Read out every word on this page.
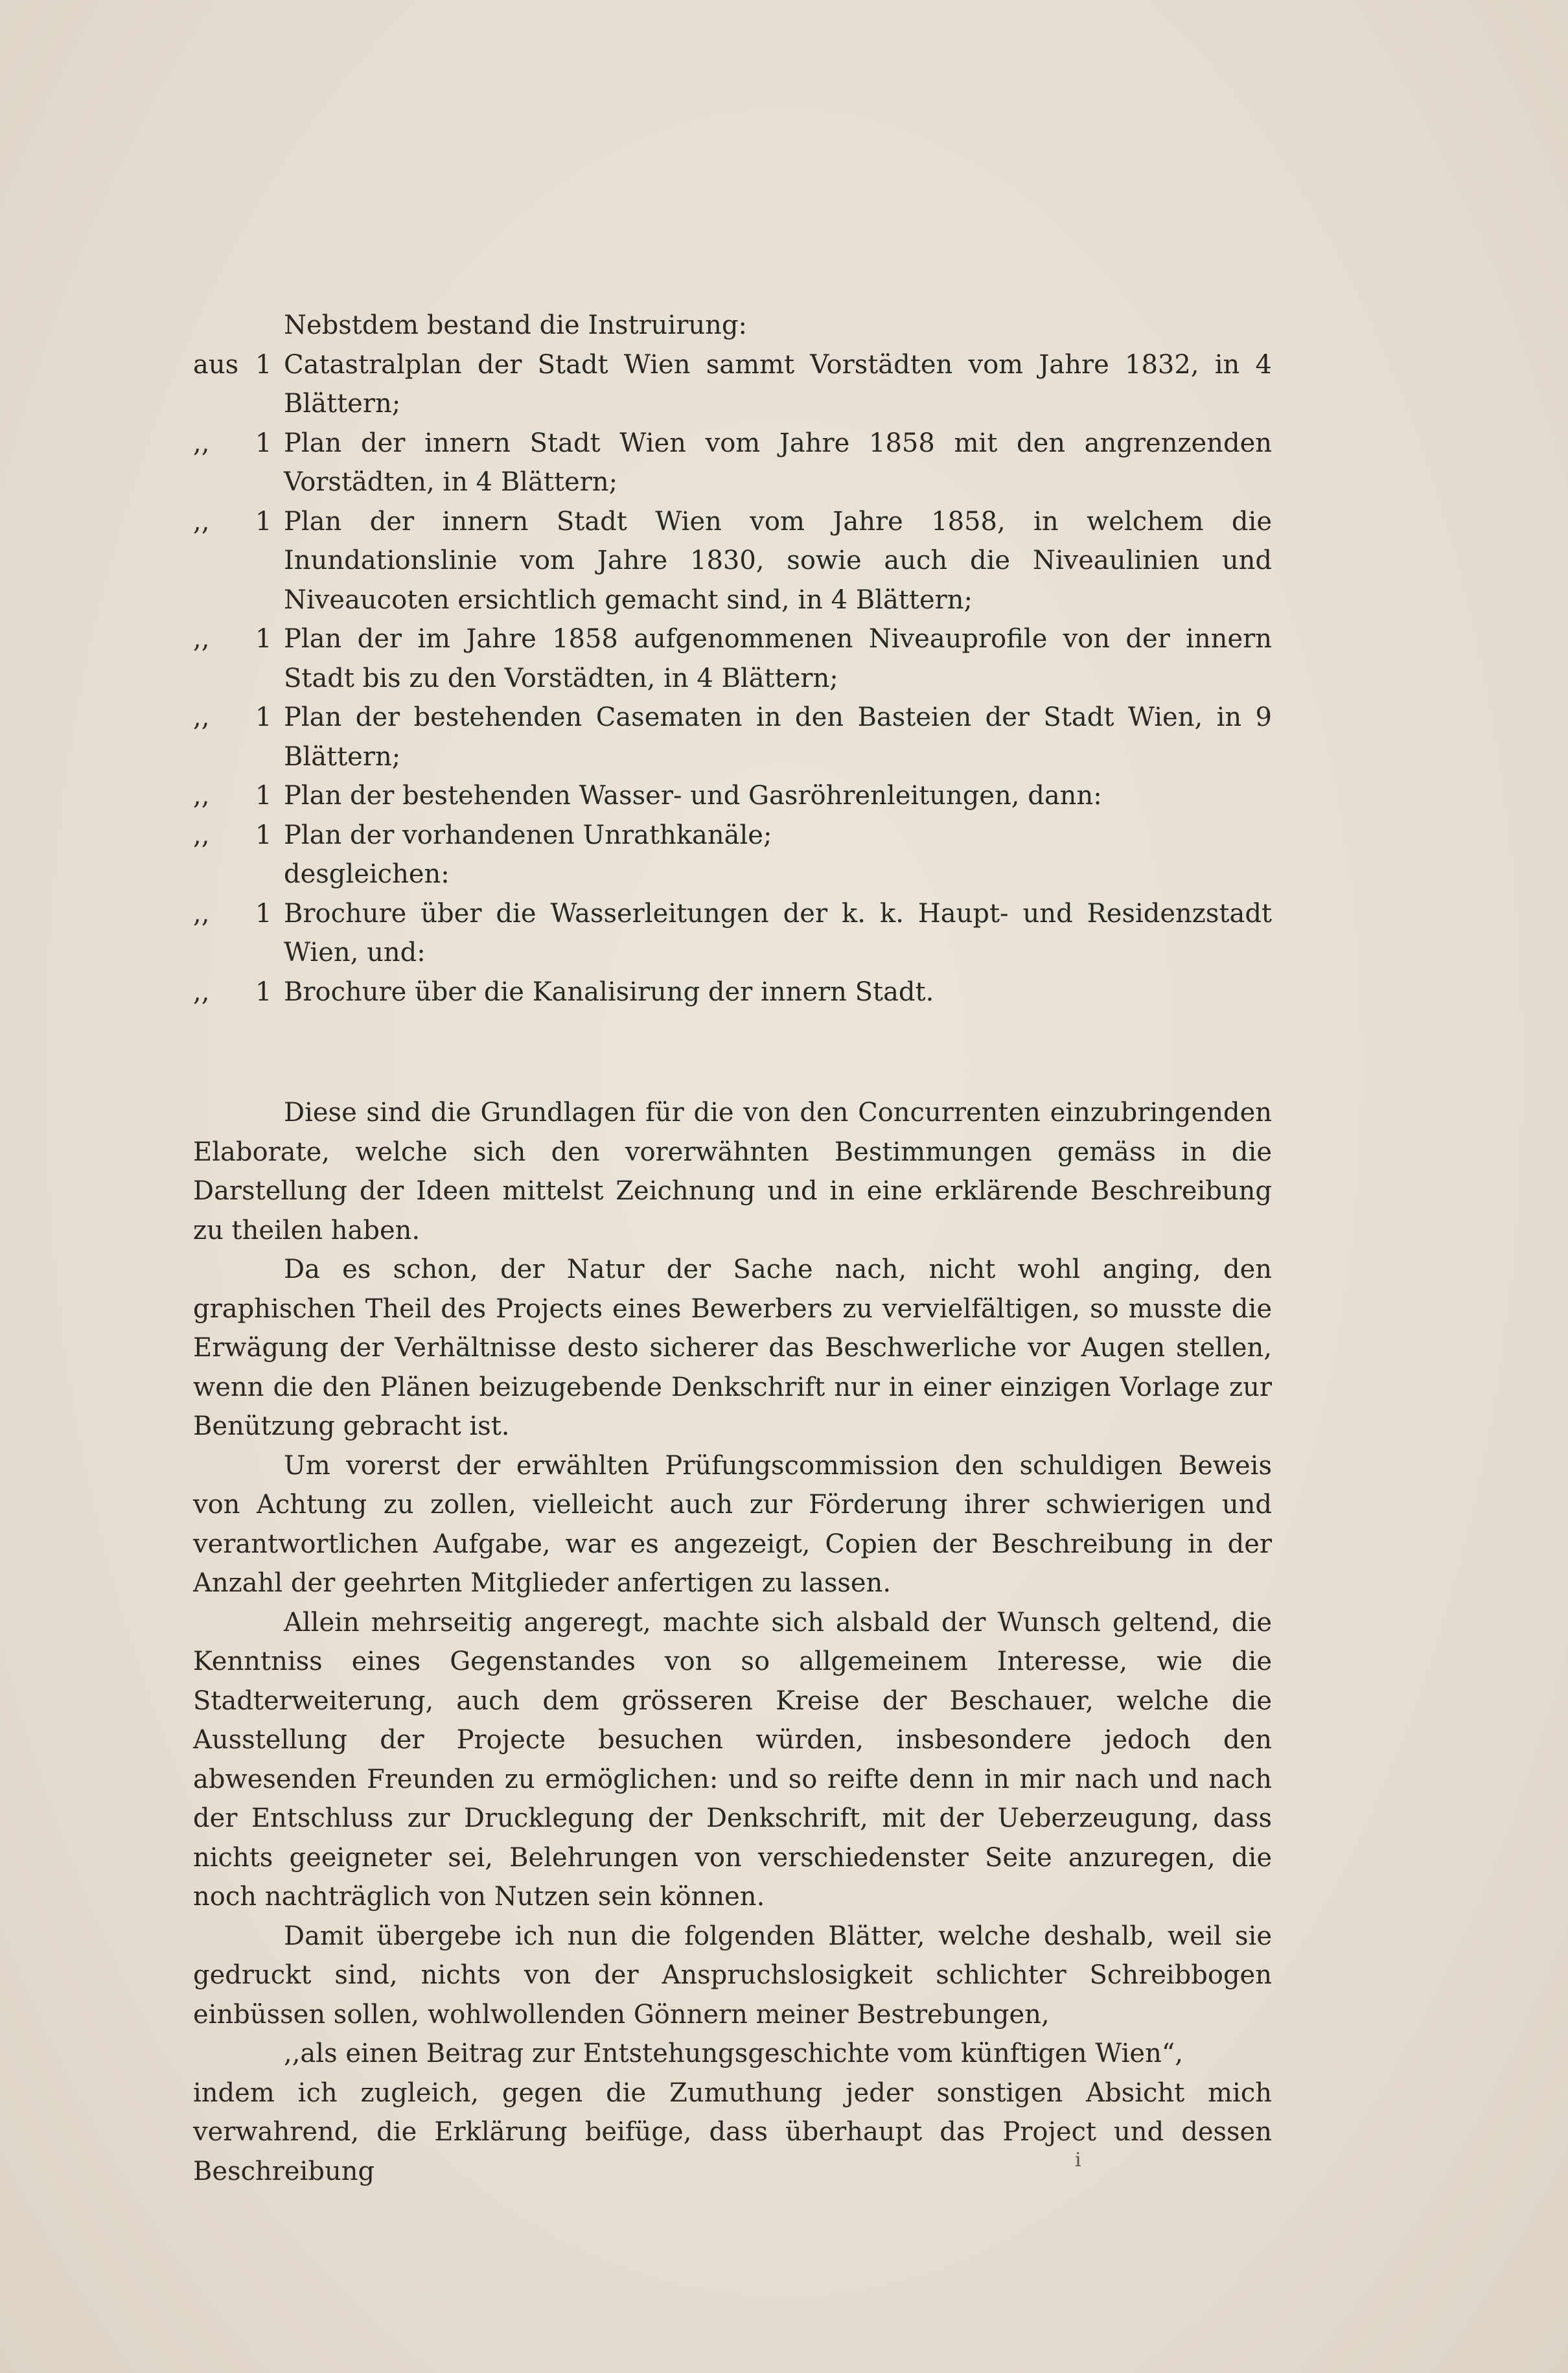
Nebstdem bestand die Instruirung:
aus 1 Catastralplan der Stadt Wien sammt Vorstädten vom Jahre 1832, in 4 Blättern;
,,	1 Plan der innern Stadt Wien vom Jahre 1858 mit den angrenzenden Vorstädten, in 4 Blättern;
,,	1 Plan der innern Stadt Wien vom Jahre 1858, in welchem die Inundationslinie vom Jahre 1830, sowie auch die Niveaulinien und Niveaucoten ersichtlich gemacht sind, in 4 Blättern;
,,	1 Plan der im Jahre 1858 aufgenommenen Niveauprofile von der innern Stadt bis zu den Vorstädten, in 4 Blättern;
,,	1 Plan der bestehenden Casematen in den Basteien der Stadt Wien, in 9 Blättern;
,,	1 Plan der bestehenden Wasser- und Gasröhrenleitungen, dann:
,,	1 Plan der vorhandenen Unrathkanäle;
desgleichen:
,,	1 Brochure über die Wasserleitungen der k. k. Haupt- und Residenzstadt Wien, und:
,,	1 Brochure über die Kanalisirung der innern Stadt.

Diese sind die Grundlagen für die von den Concurrenten einzubringenden Elaborate, welche sich den vorerwähnten Bestimmungen gemäss in die Darstellung der Ideen mittelst Zeichnung und in eine erklärende Beschreibung zu theilen haben.

Da es schon, der Natur der Sache nach, nicht wohl anging, den graphischen Theil des Projects eines Bewerbers zu vervielfältigen, so musste die Erwägung der Verhältnisse desto sicherer das Beschwerliche vor Augen stellen, wenn die den Plänen beizugebende Denkschrift nur in einer einzigen Vorlage zur Benützung gebracht ist.

Um vorerst der erwählten Prüfungscommission den schuldigen Beweis von Achtung zu zollen, vielleicht auch zur Förderung ihrer schwierigen und verantwortlichen Aufgabe, war es angezeigt, Copien der Beschreibung in der Anzahl der geehrten Mitglieder anfertigen zu lassen.

Allein mehrseitig angeregt, machte sich alsbald der Wunsch geltend, die Kenntniss eines Gegenstandes von so allgemeinem Interesse, wie die Stadterweiterung, auch dem grösseren Kreise der Beschauer, welche die Ausstellung der Projecte besuchen würden, insbesondere jedoch den abwesenden Freunden zu ermöglichen: und so reifte denn in mir nach und nach der Entschluss zur Drucklegung der Denkschrift, mit der Ueberzeugung, dass nichts geeigneter sei, Belehrungen von verschiedenster Seite anzuregen, die noch nachträglich von Nutzen sein können.

Damit übergebe ich nun die folgenden Blätter, welche deshalb, weil sie gedruckt sind, nichts von der Anspruchslosigkeit schlichter Schreibbogen einbüssen sollen, wohlwollenden Gönnern meiner Bestrebungen,

,,als einen Beitrag zur Entstehungsgeschichte vom künftigen Wien“,

indem ich zugleich, gegen die Zumuthung jeder sonstigen Absicht mich verwahrend, die Erklärung beifüge, dass überhaupt das Project und dessen Beschreibung	i
